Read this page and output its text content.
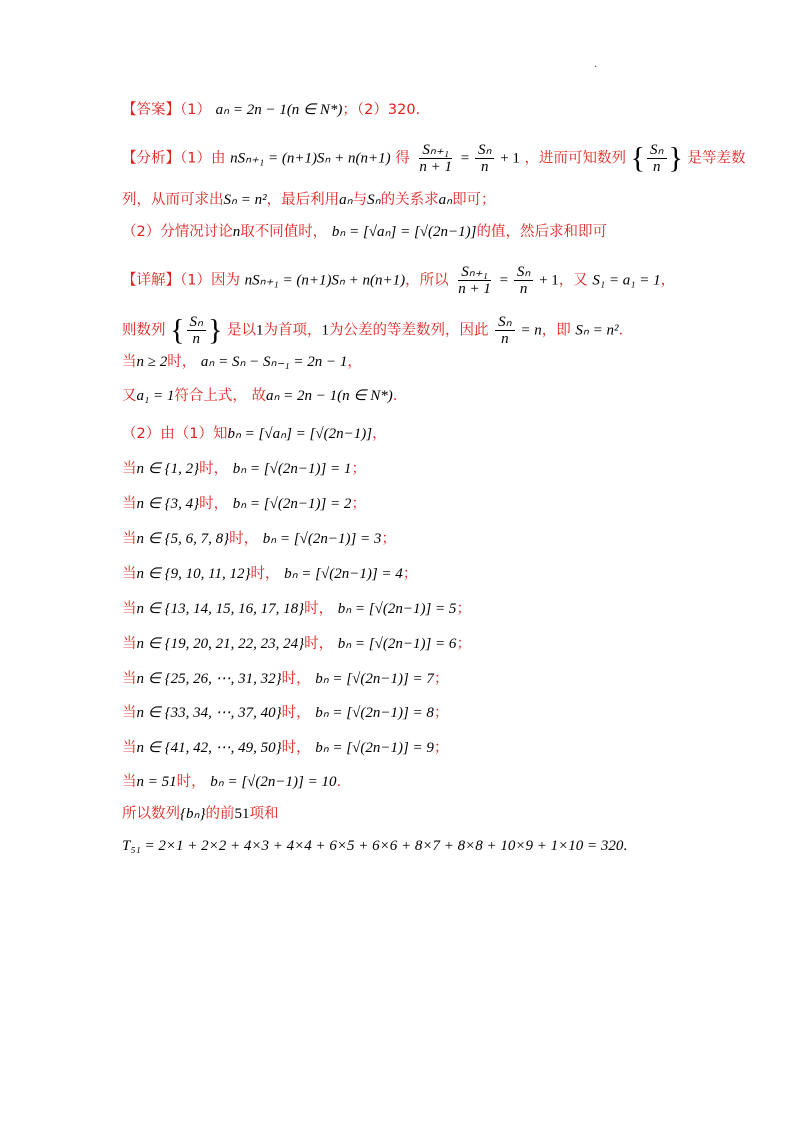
·
【答案】（1） aₙ = 2n − 1(n ∈ N*)；（2）320.
【分析】（1）由 nSₙ₊₁ = (n+1)Sₙ + n(n+1) 得 $\frac{\text{Sₙ₊₁}}{n + 1} = \frac{\text{Sₙ}}{n} + 1$ ，进而可知数列 { $\frac{\text{Sₙ}}{n}$ } 是等差数
列，从而可求出Sₙ = n²，最后利用aₙ与Sₙ的关系求aₙ即可；
（2）分情况讨论n取不同值时， bₙ = [√aₙ] = [√(2n−1)]的值，然后求和即可
【详解】（1）因为 nSₙ₊₁ = (n+1)Sₙ + n(n+1)，所以 $\frac{\text{Sₙ₊₁}}{n + 1} = \frac{\text{Sₙ}}{n} + 1$，又 S₁ = a₁ = 1，
则数列 { $\frac{\text{Sₙ}}{n}$ } 是以1为首项，1为公差的等差数列，因此 $\frac{\text{Sₙ}}{n} = n$，即 Sₙ = n².
当n ≥ 2时， aₙ = Sₙ − Sₙ₋₁ = 2n − 1，
又a₁ = 1符合上式， 故aₙ = 2n − 1(n ∈ N*).
（2）由（1）知bₙ = [√aₙ] = [√(2n−1)]，
当n ∈ {1, 2}时， bₙ = [√(2n−1)] = 1；
当n ∈ {3, 4}时， bₙ = [√(2n−1)] = 2；
当n ∈ {5, 6, 7, 8}时， bₙ = [√(2n−1)] = 3；
当n ∈ {9, 10, 11, 12}时， bₙ = [√(2n−1)] = 4；
当n ∈ {13, 14, 15, 16, 17, 18}时， bₙ = [√(2n−1)] = 5；
当n ∈ {19, 20, 21, 22, 23, 24}时， bₙ = [√(2n−1)] = 6；
当n ∈ {25, 26, ⋯, 31, 32}时， bₙ = [√(2n−1)] = 7；
当n ∈ {33, 34, ⋯, 37, 40}时， bₙ = [√(2n−1)] = 8；
当n ∈ {41, 42, ⋯, 49, 50}时， bₙ = [√(2n−1)] = 9；
当n = 51时， bₙ = [√(2n−1)] = 10.
所以数列{bₙ}的前51项和
T₅₁ = 2×1 + 2×2 + 4×3 + 4×4 + 6×5 + 6×6 + 8×7 + 8×8 + 10×9 + 1×10 = 320.
